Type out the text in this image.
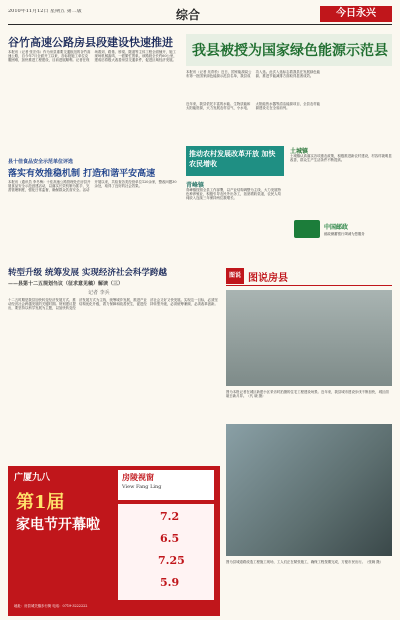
2010年11月12日 星期五 第二版	综合	今日永兴
谷竹高速公路房县段建设快速推进
本报讯（记者 张宏伟）作为房县重要交通枢纽的谷竹高速公路，自今年7月全面开工以来，各标段施工单位克服困难，加快推进工程建设，目前进展顺利。记者在现场看到，路基、桥梁、隧道等主体工程全面铺开，施工现场机械轰鸣，一派繁忙景象。该路段全长约60公里，建成后将极大改善房县交通条件，促进区域经济发展。
县十佳食品安全示范单位评选
落实有效推稳机制 打造和谐平安高速
本报讯（通讯员 李冬梅）十佳高速公路管理处在房县开展食品安全示范创建活动，以落实长效机制为抓手，完善管理制度，强化日常监督，确保群众饮食安全。活动开展以来，共检查各类经营单位120余家，整改问题30余处，取得了良好的社会效果。
我县被授为国家绿色能源示范县
本报讯（记者 吴青松）近日，国家能源局公布第一批国家绿色能源示范县名单，我县成功入选。此次入选标志着我县在发展绿色能源、推进节能减排方面取得显著成效。
近年来，我县依托丰富的水能、生物质能和太阳能资源，大力发展农村沼气、小水电、太阳能热水器等清洁能源项目，全县农村能源建设走在全省前列。
推动农村发展改革开放 加快农民增收
青峰镇
青峰镇按照全县工作部署，以产业结构调整为主线，大力发展特色种养殖业，积极引导农民外出务工，拓宽增收渠道，农民人均纯收入连续三年保持两位数增长。
土城镇
土城镇认真落实各项惠农政策，积极推进新农村建设，村容村貌明显改善，群众生产生活条件不断提高。
中国邮政
邮政储蓄银行竭诚为您服务
转型升级 统筹发展 实现经济社会科学跨越
——县第十二五规划刍议（征求意见稿）解读（三）
记者 李兵
十二五时期是我县加快转变经济发展方式、推动经济社会跨越发展的关键时期。规划建议提出，要坚持以科学发展为主题，以加快转变经济发展方式为主线，统筹城乡发展，推进产业结构优化升级，着力保障和改善民生，促进经济社会又好又快发展。实现这一目标，必须坚持转型升级，必须统筹兼顾，必须改革创新。
图说 图说房县
图为本报记者在城区新建小区采访时拍摄的住宅工程建设场景。近年来，我县城市建设步伐不断加快，城区面貌日新月异。（代 晓 摄）
图为县城道路改造工程施工现场，工人们正在紧张施工，确保工程按期完成，方便市民出行。（张婉 摄）
广厦九八
第1届
家电节开幕啦
房陵视窗
View Fang Ling
7.2
6.5
7.25
5.9
地址：房县城关镇步行街 电话：0719-3222222
